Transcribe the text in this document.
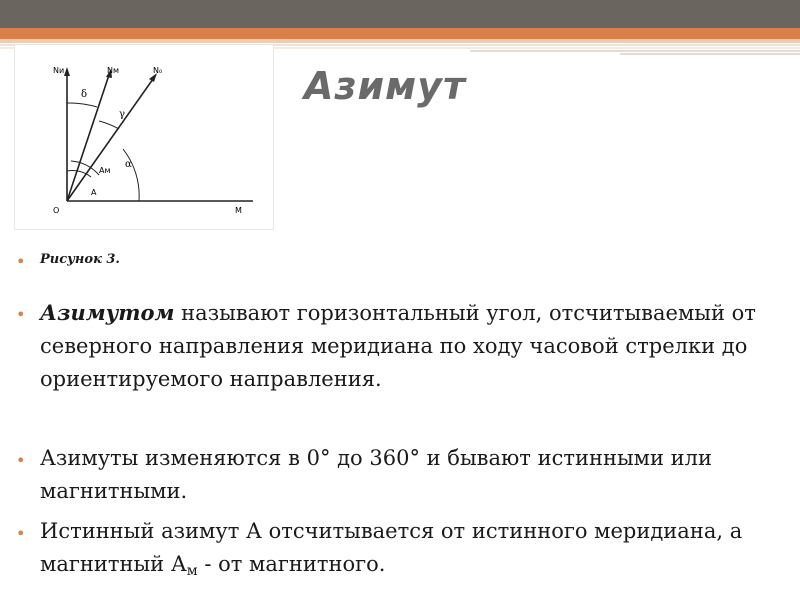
Nи	Nм	N₀
δ
γ
α
Aм
A
O	M
Азимут
• Рисунок 3.
• Азимутом называют горизонтальный угол, отсчитываемый от северного направления меридиана по ходу часовой стрелки до ориентируемого направления.
• Азимуты изменяются в 0° до 360° и бывают истинными или магнитными.
• Истинный азимут А отсчитывается от истинного меридиана, а магнитный $А_м$ - от магнитного.
